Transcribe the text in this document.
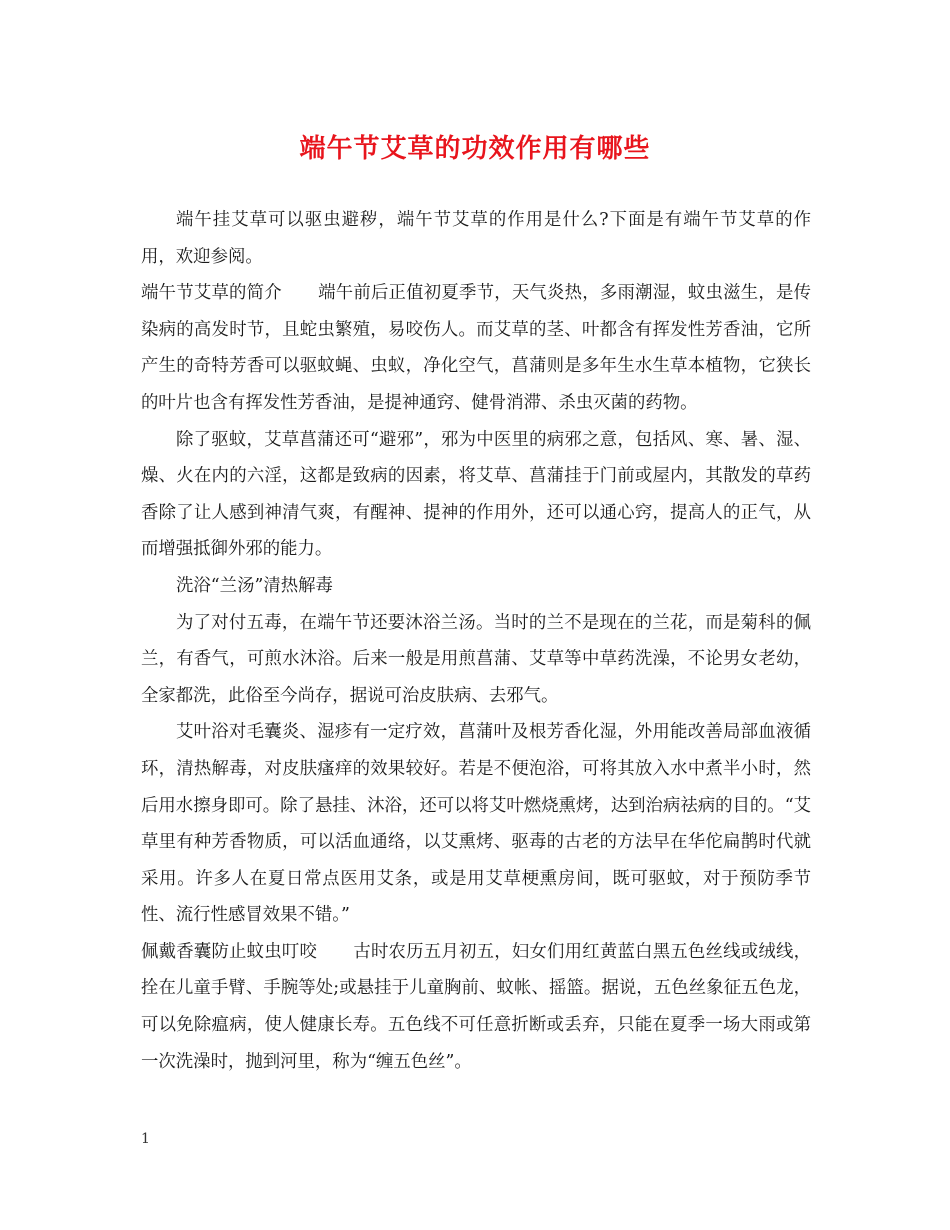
端午节艾草的功效作用有哪些

端午挂艾草可以驱虫避秽，端午节艾草的作用是什么?下面是有端午节艾草的作用，欢迎参阅。

端午节艾草的简介 端午前后正值初夏季节，天气炎热，多雨潮湿，蚊虫滋生，是传染病的高发时节，且蛇虫繁殖，易咬伤人。而艾草的茎、叶都含有挥发性芳香油，它所产生的奇特芳香可以驱蚊蝇、虫蚁，净化空气，菖蒲则是多年生水生草本植物，它狭长的叶片也含有挥发性芳香油，是提神通窍、健骨消滞、杀虫灭菌的药物。

除了驱蚊，艾草菖蒲还可“避邪”，邪为中医里的病邪之意，包括风、寒、暑、湿、燥、火在内的六淫，这都是致病的因素，将艾草、菖蒲挂于门前或屋内，其散发的草药香除了让人感到神清气爽，有醒神、提神的作用外，还可以通心窍，提高人的正气，从而增强抵御外邪的能力。

洗浴“兰汤”清热解毒

为了对付五毒，在端午节还要沐浴兰汤。当时的兰不是现在的兰花，而是菊科的佩兰，有香气，可煎水沐浴。后来一般是用煎菖蒲、艾草等中草药洗澡，不论男女老幼，全家都洗，此俗至今尚存，据说可治皮肤病、去邪气。

艾叶浴对毛囊炎、湿疹有一定疗效，菖蒲叶及根芳香化湿，外用能改善局部血液循环，清热解毒，对皮肤瘙痒的效果较好。若是不便泡浴，可将其放入水中煮半小时，然后用水擦身即可。除了悬挂、沐浴，还可以将艾叶燃烧熏烤，达到治病祛病的目的。“艾草里有种芳香物质，可以活血通络，以艾熏烤、驱毒的古老的方法早在华佗扁鹊时代就采用。许多人在夏日常点医用艾条，或是用艾草梗熏房间，既可驱蚊，对于预防季节性、流行性感冒效果不错。”

佩戴香囊防止蚊虫叮咬 古时农历五月初五，妇女们用红黄蓝白黑五色丝线或绒线，拴在儿童手臂、手腕等处;或悬挂于儿童胸前、蚊帐、摇篮。据说，五色丝象征五色龙，可以免除瘟病，使人健康长寿。五色线不可任意折断或丢弃，只能在夏季一场大雨或第一次洗澡时，抛到河里，称为“缠五色丝”。

1
